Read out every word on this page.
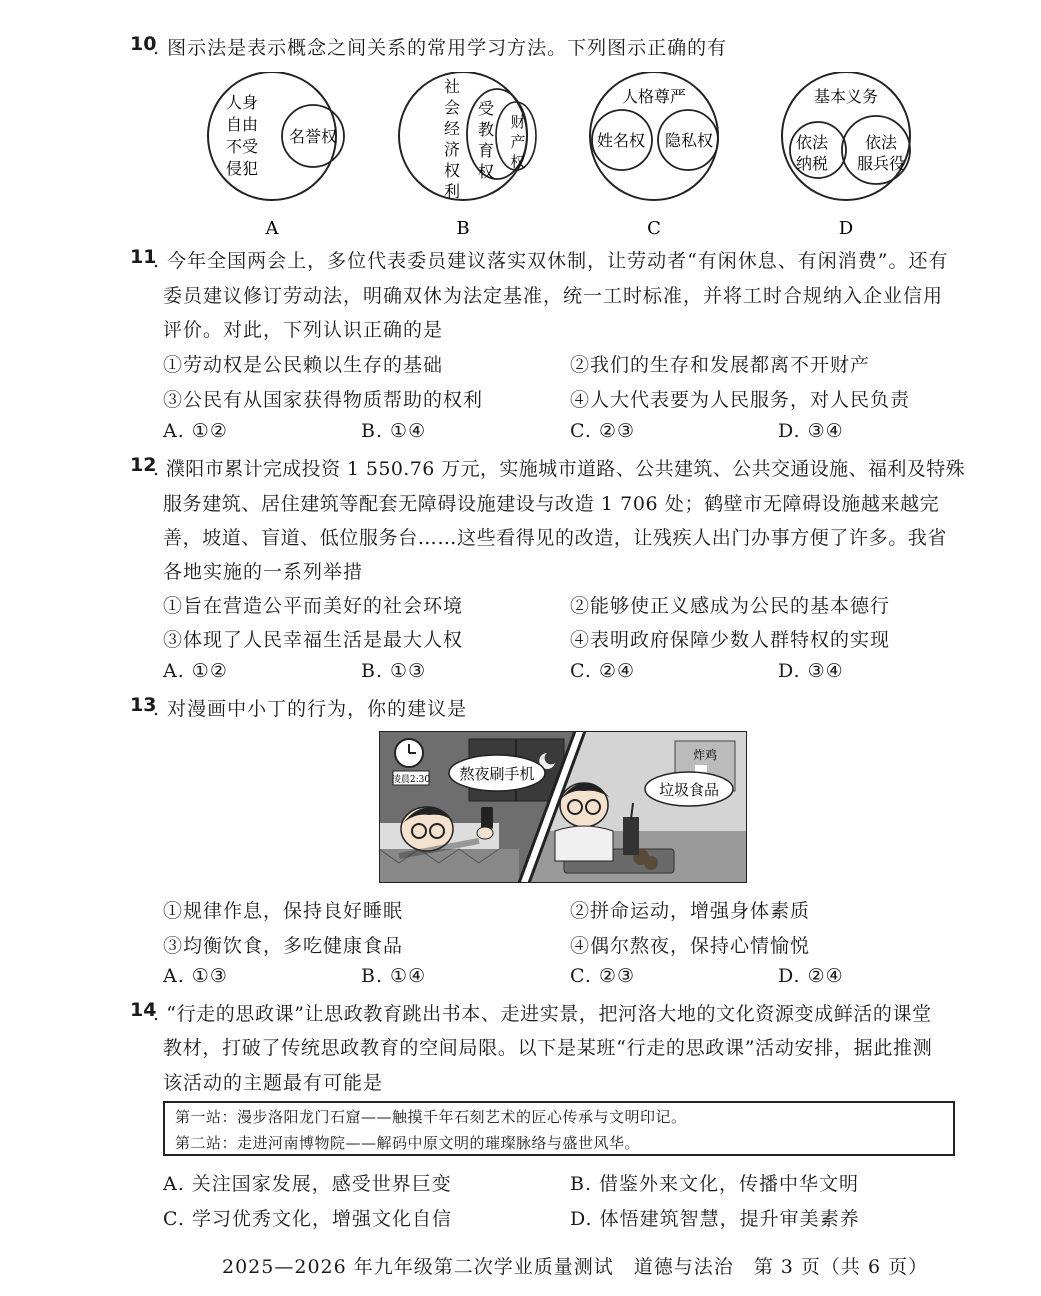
10
. 图示法是表示概念之间关系的常用学习方法。下列图示正确的有
人身
自由
不受
侵犯
名誉权
A
社
会
经
济
权
利
受
教
育
权
财
产
权
B
人格尊严
姓名权 隐私权
C
基本义务
依法
纳税
依法
服兵役
D
11
. 今年全国两会上，多位代表委员建议落实双休制，让劳动者“有闲休息、有闲消费”。还有
委员建议修订劳动法，明确双休为法定基准，统一工时标准，并将工时合规纳入企业信用
评价。对此，下列认识正确的是
①劳动权是公民赖以生存的基础	②我们的生存和发展都离不开财产
③公民有从国家获得物质帮助的权利	④人大代表要为人民服务，对人民负责
A. ①②	B. ①④	C. ②③	D. ③④
12
. 濮阳市累计完成投资 1 550.76 万元，实施城市道路、公共建筑、公共交通设施、福利及特殊
服务建筑、居住建筑等配套无障碍设施建设与改造 1 706 处；鹤壁市无障碍设施越来越完
善，坡道、盲道、低位服务台……这些看得见的改造，让残疾人出门办事方便了许多。我省
各地实施的一系列举措
①旨在营造公平而美好的社会环境	②能够使正义感成为公民的基本德行
③体现了人民幸福生活是最大人权	④表明政府保障少数人群特权的实现
A. ①②	B. ①③	C. ②④	D. ③④
13
. 对漫画中小丁的行为，你的建议是
凌晨2:30
炸鸡
熬夜刷手机
垃圾食品
①规律作息，保持良好睡眠	②拼命运动，增强身体素质
③均衡饮食，多吃健康食品	④偶尔熬夜，保持心情愉悦
A. ①③	B. ①④	C. ②③	D. ②④
14
. “行走的思政课”让思政教育跳出书本、走进实景，把河洛大地的文化资源变成鲜活的课堂
教材，打破了传统思政教育的空间局限。以下是某班“行走的思政课”活动安排，据此推测
该活动的主题最有可能是
第一站：漫步洛阳龙门石窟——触摸千年石刻艺术的匠心传承与文明印记。
第二站：走进河南博物院——解码中原文明的璀璨脉络与盛世风华。
A. 关注国家发展，感受世界巨变	B. 借鉴外来文化，传播中华文明
C. 学习优秀文化，增强文化自信	D. 体悟建筑智慧，提升审美素养
2025—2026 年九年级第二次学业质量测试　道德与法治　第 3 页（共 6 页）
